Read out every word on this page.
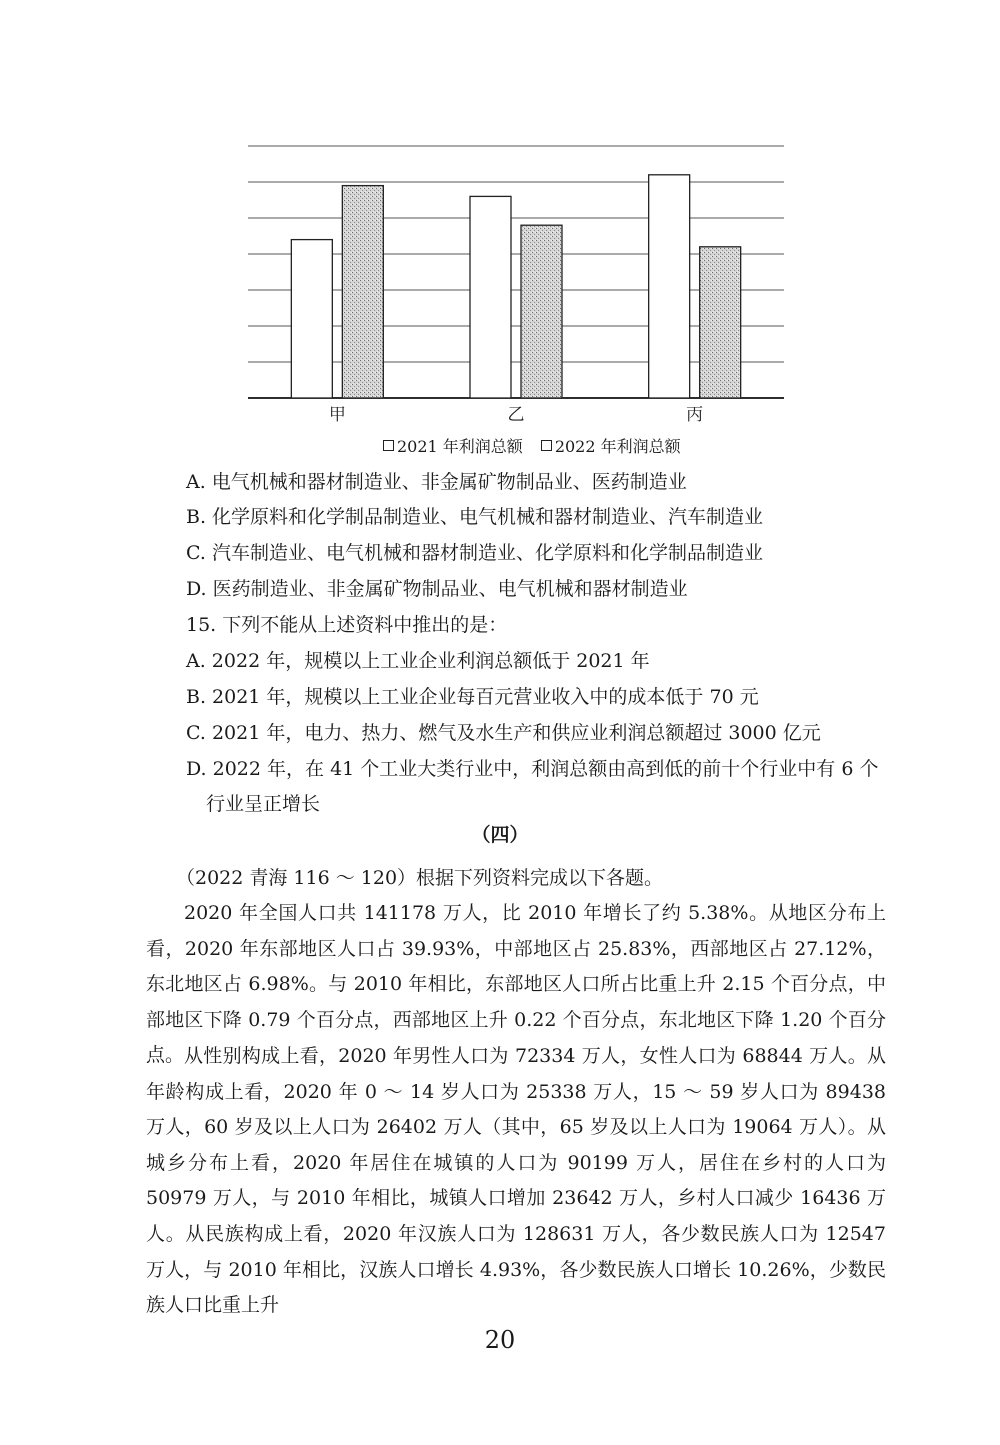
甲	乙	丙
2021 年利润总额 2022 年利润总额
A. 电气机械和器材制造业、非金属矿物制品业、医药制造业
B. 化学原料和化学制品制造业、电气机械和器材制造业、汽车制造业
C. 汽车制造业、电气机械和器材制造业、化学原料和化学制品制造业
D. 医药制造业、非金属矿物制品业、电气机械和器材制造业
15. 下列不能从上述资料中推出的是：
A. 2022 年，规模以上工业企业利润总额低于 2021 年
B. 2021 年，规模以上工业企业每百元营业收入中的成本低于 70 元
C. 2021 年，电力、热力、燃气及水生产和供应业利润总额超过 3000 亿元
D. 2022 年，在 41 个工业大类行业中，利润总额由高到低的前十个行业中有 6 个
行业呈正增长
（四）
（2022 青海 116 ～ 120）根据下列资料完成以下各题。

2020 年全国人口共 141178 万人，比 2010 年增长了约 5.38%。从地区分布上看，2020 年东部地区人口占 39.93%，中部地区占 25.83%，西部地区占 27.12%，东北地区占 6.98%。与 2010 年相比，东部地区人口所占比重上升 2.15 个百分点，中部地区下降 0.79 个百分点，西部地区上升 0.22 个百分点，东北地区下降 1.20 个百分点。 从性别构成上看，2020 年男性人口为 72334 万人，女性人口为 68844 万人。从年龄构成上看，2020 年 0 ～ 14 岁人口为 25338 万人，15 ～ 59 岁人口为 89438 万人，60 岁及以上人口为 26402 万人（其中，65 岁及以上人口为 19064 万人）。从城乡分布上看，2020 年居住在城镇的人口为 90199 万人，居住在乡村的人口为 50979 万人，与 2010 年相比，城镇人口增加 23642 万人，乡村人口减少 16436 万人。从民族构成上看，2020 年汉族人口为 128631 万人，各少数民族人口为 12547 万人，与 2010 年相比，汉族人口增长 4.93%，各少数民族人口增长 10.26%，少数民族人口比重上升

20
